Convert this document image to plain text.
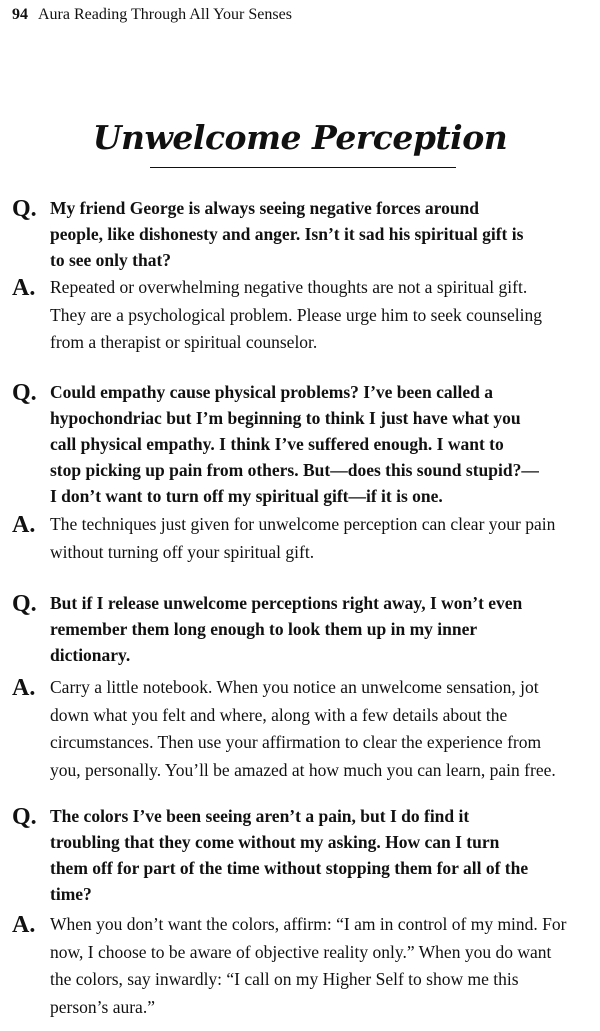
94 Aura Reading Through All Your Senses
Unwelcome Perception
Q. My friend George is always seeing negative forces around
people, like dishonesty and anger. Isn’t it sad his spiritual gift is
to see only that?
A. Repeated or overwhelming negative thoughts are not a spiritual gift.
They are a psychological problem. Please urge him to seek counseling
from a therapist or spiritual counselor.
Q. Could empathy cause physical problems? I’ve been called a
hypochondriac but I’m beginning to think I just have what you
call physical empathy. I think I’ve suffered enough. I want to
stop picking up pain from others. But—does this sound stupid?—
I don’t want to turn off my spiritual gift—if it is one.
A. The techniques just given for unwelcome perception can clear your pain
without turning off your spiritual gift.
Q. But if I release unwelcome perceptions right away, I won’t even
remember them long enough to look them up in my inner
dictionary.
A. Carry a little notebook. When you notice an unwelcome sensation, jot
down what you felt and where, along with a few details about the
circumstances. Then use your affirmation to clear the experience from
you, personally. You’ll be amazed at how much you can learn, pain free.
Q. The colors I’ve been seeing aren’t a pain, but I do find it
troubling that they come without my asking. How can I turn
them off for part of the time without stopping them for all of the
time?
A. When you don’t want the colors, affirm: “I am in control of my mind. For
now, I choose to be aware of objective reality only.” When you do want
the colors, say inwardly: “I call on my Higher Self to show me this
person’s aura.”
